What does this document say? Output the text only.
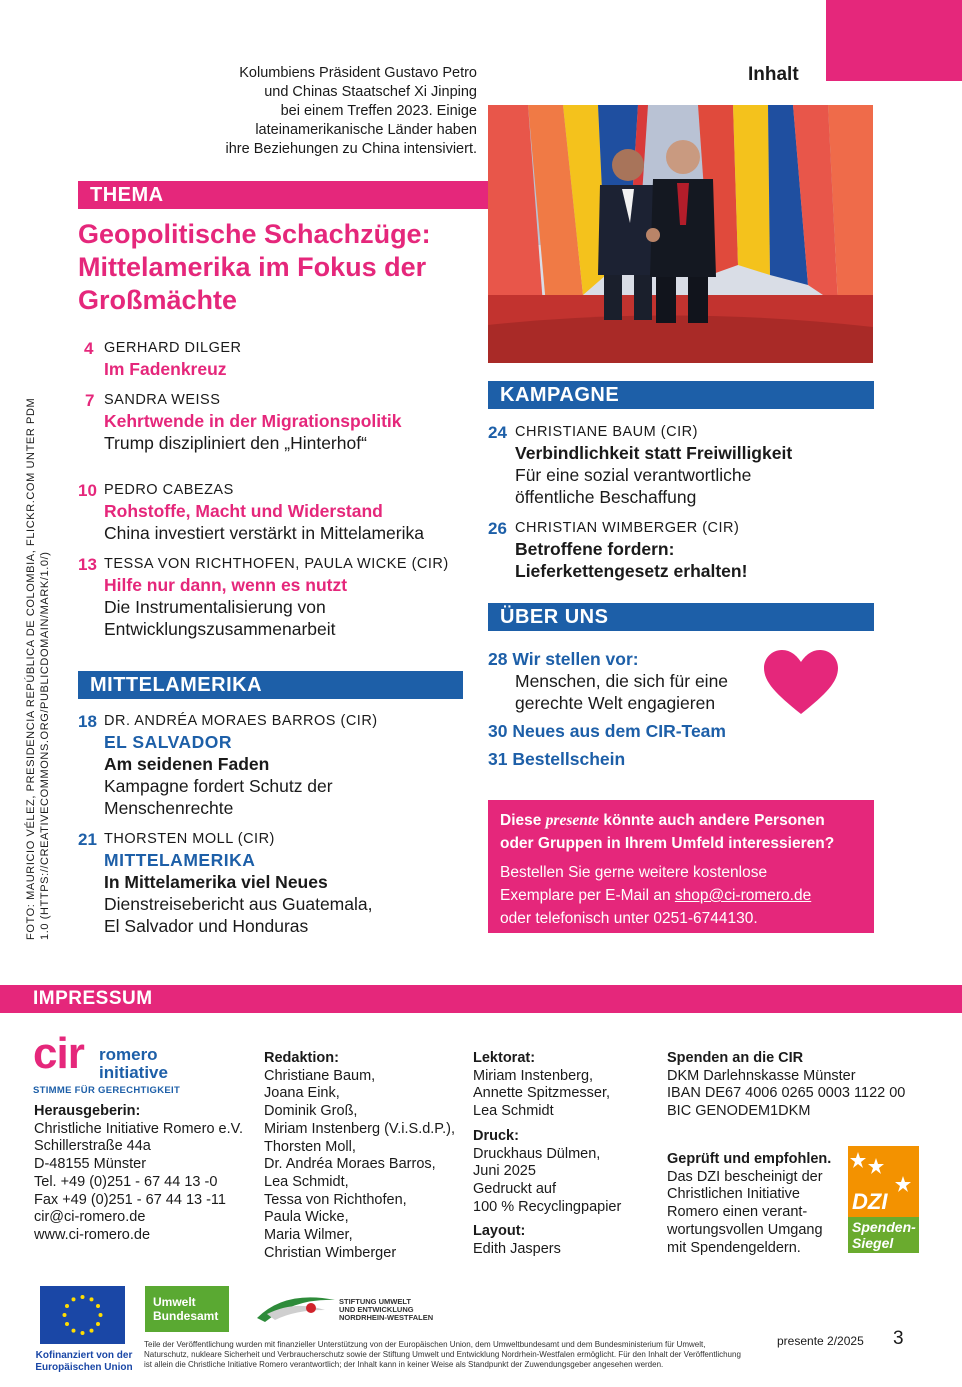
Inhalt
Kolumbiens Präsident Gustavo Petro
und Chinas Staatschef Xi Jinping
bei einem Treffen 2023. Einige
lateinamerikanische Länder haben
ihre Beziehungen zu China intensiviert.
FOTO: MAURICIO VÉLEZ, PRESIDENCIA REPÚBLICA DE COLOMBIA, FLICKR.COM UNTER PDM 1.0 (HTTPS://CREATIVECOMMONS.ORG/PUBLICDOMAIN/MARK/1.0/)
THEMA
Geopolitische Schachzüge:
Mittelamerika im Fokus der
Großmächte
4 GERHARD DILGER
Im Fadenkreuz
7 SANDRA WEISS
Kehrtwende in der Migrationspolitik
Trump diszipliniert den „Hinterhof“
10 PEDRO CABEZAS
Rohstoffe, Macht und Widerstand
China investiert verstärkt in Mittelamerika
13 TESSA VON RICHTHOFEN, PAULA WICKE (CIR)
Hilfe nur dann, wenn es nutzt
Die Instrumentalisierung von
Entwicklungszusammenarbeit
MITTELAMERIKA
18 DR. ANDRÉA MORAES BARROS (CIR)
EL SALVADOR
Am seidenen Faden
Kampagne fordert Schutz der
Menschenrechte
21 THORSTEN MOLL (CIR)
MITTELAMERIKA
In Mittelamerika viel Neues
Dienstreisebericht aus Guatemala,
El Salvador und Honduras
KAMPAGNE
24 CHRISTIANE BAUM (CIR)
Verbindlichkeit statt Freiwilligkeit
Für eine sozial verantwortliche
öffentliche Beschaffung
26 CHRISTIAN WIMBERGER (CIR)
Betroffene fordern:
Lieferkettengesetz erhalten!
ÜBER UNS
28 Wir stellen vor:
Menschen, die sich für eine
gerechte Welt engagieren
30 Neues aus dem CIR-Team
31 Bestellschein
Diese presente könnte auch andere Personen
oder Gruppen in Ihrem Umfeld interessieren?
Bestellen Sie gerne weitere kostenlose
Exemplare per E-Mail an shop@ci-romero.de
oder telefonisch unter 0251-6744130.
IMPRESSUM
cir romero
initiative
STIMME FÜR GERECHTIGKEIT
Herausgeberin:
Christliche Initiative Romero e.V.
Schillerstraße 44a
D-48155 Münster
Tel. +49 (0)251 - 67 44 13 -0
Fax +49 (0)251 - 67 44 13 -11
cir@ci-romero.de
www.ci-romero.de
Redaktion:
Christiane Baum,
Joana Eink,
Dominik Groß,
Miriam Instenberg (V.i.S.d.P.),
Thorsten Moll,
Dr. Andréa Moraes Barros,
Lea Schmidt,
Tessa von Richthofen,
Paula Wicke,
Maria Wilmer,
Christian Wimberger
Lektorat:
Miriam Instenberg,
Annette Spitzmesser,
Lea Schmidt
Druck:
Druckhaus Dülmen,
Juni 2025
Gedruckt auf
100 % Recyclingpapier
Layout:
Edith Jaspers
Spenden an die CIR
DKM Darlehnskasse Münster
IBAN DE67 4006 0265 0003 1122 00
BIC GENODEM1DKM
Geprüft und empfohlen.
Das DZI bescheinigt der
Christlichen Initiative
Romero einen verant-
wortungsvollen Umgang
mit Spendengeldern.
DZI
Spenden-
Siegel
Kofinanziert von der
Europäischen Union
Umwelt
Bundesamt
STIFTUNG UMWELT
UND ENTWICKLUNG
NORDRHEIN-WESTFALEN
Teile der Veröffentlichung wurden mit finanzieller Unterstützung von der Europäischen Union, dem Umweltbundesamt und dem Bundesministerium für Umwelt, Naturschutz, nukleare Sicherheit und Verbraucherschutz sowie der Stiftung Umwelt und Entwicklung Nordrhein-Westfalen ermöglicht. Für den Inhalt der Veröffentlichung ist allein die Christliche Initiative Romero verantwortlich; der Inhalt kann in keiner Weise als Standpunkt der Zuwendungsgeber angesehen werden.
presente 2/2025 3
